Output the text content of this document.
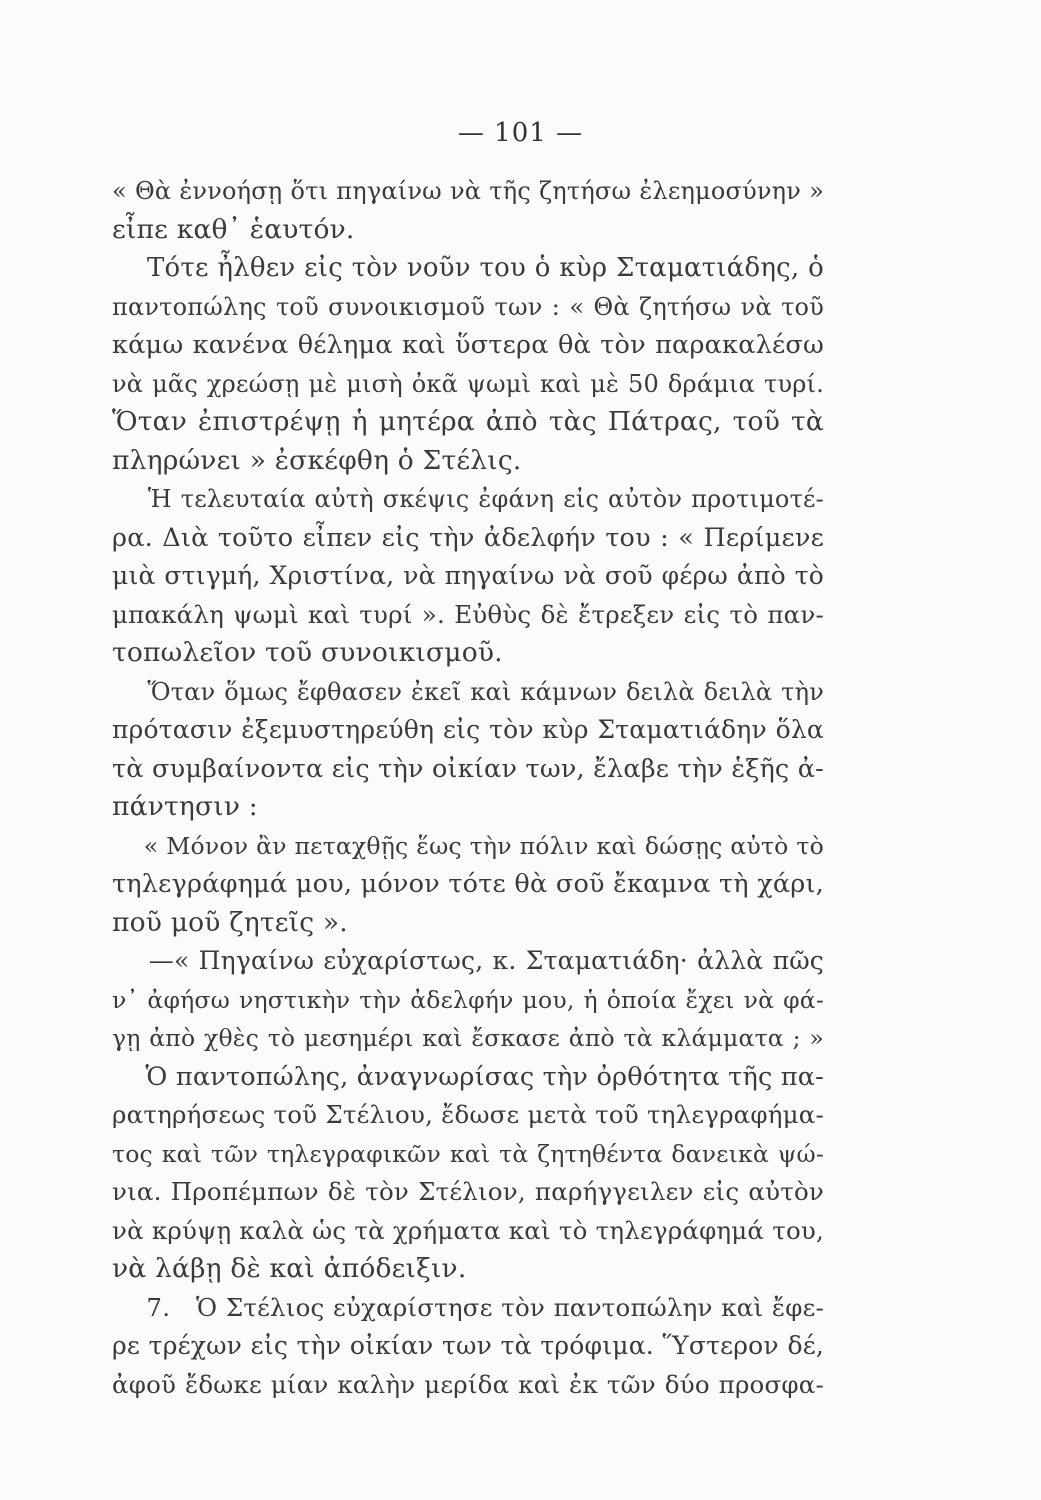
— 101 —
« Θὰ ἐννοήσῃ ὅτι πηγαίνω νὰ τῆς ζητήσω ἐλεημοσύνην »
εἶπε καθ᾽ ἑαυτόν.
Τότε ἦλθεν εἰς τὸν νοῦν του ὁ κὺρ Σταματιάδης, ὁ
παντοπώλης τοῦ συνοικισμοῦ των : « Θὰ ζητήσω νὰ τοῦ
κάμω κανένα θέλημα καὶ ὕστερα θὰ τὸν παρακαλέσω
νὰ μᾶς χρεώσῃ μὲ μισὴ ὀκᾶ ψωμὶ καὶ μὲ 50 δράμια τυρί.
Ὅταν ἐπιστρέψῃ ἡ μητέρα ἀπὸ τὰς Πάτρας, τοῦ τὰ
πληρώνει » ἐσκέφθη ὁ Στέλις.
Ἡ τελευταία αὐτὴ σκέψις ἐφάνη εἰς αὐτὸν προτιμοτέ-
ρα. Διὰ τοῦτο εἶπεν εἰς τὴν ἀδελφήν του : « Περίμενε
μιὰ στιγμή, Χριστίνα, νὰ πηγαίνω νὰ σοῦ φέρω ἀπὸ τὸ
μπακάλη ψωμὶ καὶ τυρί ». Εὐθὺς δὲ ἔτρεξεν εἰς τὸ παν-
τοπωλεῖον τοῦ συνοικισμοῦ.
Ὅταν ὅμως ἔφθασεν ἐκεῖ καὶ κάμνων δειλὰ δειλὰ τὴν
πρότασιν ἐξεμυστηρεύθη εἰς τὸν κὺρ Σταματιάδην ὅλα
τὰ συμβαίνοντα εἰς τὴν οἰκίαν των, ἔλαβε τὴν ἑξῆς ἀ-
πάντησιν :
« Μόνον ἂν πεταχθῇς ἕως τὴν πόλιν καὶ δώσῃς αὐτὸ τὸ
τηλεγράφημά μου, μόνον τότε θὰ σοῦ ἔκαμνα τὴ χάρι,
ποῦ μοῦ ζητεῖς ».
—« Πηγαίνω εὐχαρίστως, κ. Σταματιάδη· ἀλλὰ πῶς
ν᾽ ἀφήσω νηστικὴν τὴν ἀδελφήν μου, ἡ ὁποία ἔχει νὰ φά-
γῃ ἀπὸ χθὲς τὸ μεσημέρι καὶ ἔσκασε ἀπὸ τὰ κλάμματα ; »
Ὁ παντοπώλης, ἀναγνωρίσας τὴν ὀρθότητα τῆς πα-
ρατηρήσεως τοῦ Στέλιου, ἔδωσε μετὰ τοῦ τηλεγραφήμα-
τος καὶ τῶν τηλεγραφικῶν καὶ τὰ ζητηθέντα δανεικὰ ψώ-
νια. Προπέμπων δὲ τὸν Στέλιον, παρήγγειλεν εἰς αὐτὸν
νὰ κρύψῃ καλὰ ὡς τὰ χρήματα καὶ τὸ τηλεγράφημά του,
νὰ λάβῃ δὲ καὶ ἀπόδειξιν.
7.   Ὁ Στέλιος εὐχαρίστησε τὸν παντοπώλην καὶ ἔφε-
ρε τρέχων εἰς τὴν οἰκίαν των τὰ τρόφιμα. Ὕστερον δέ,
ἀφοῦ ἔδωκε μίαν καλὴν μερίδα καὶ ἐκ τῶν δύο προσφα-
